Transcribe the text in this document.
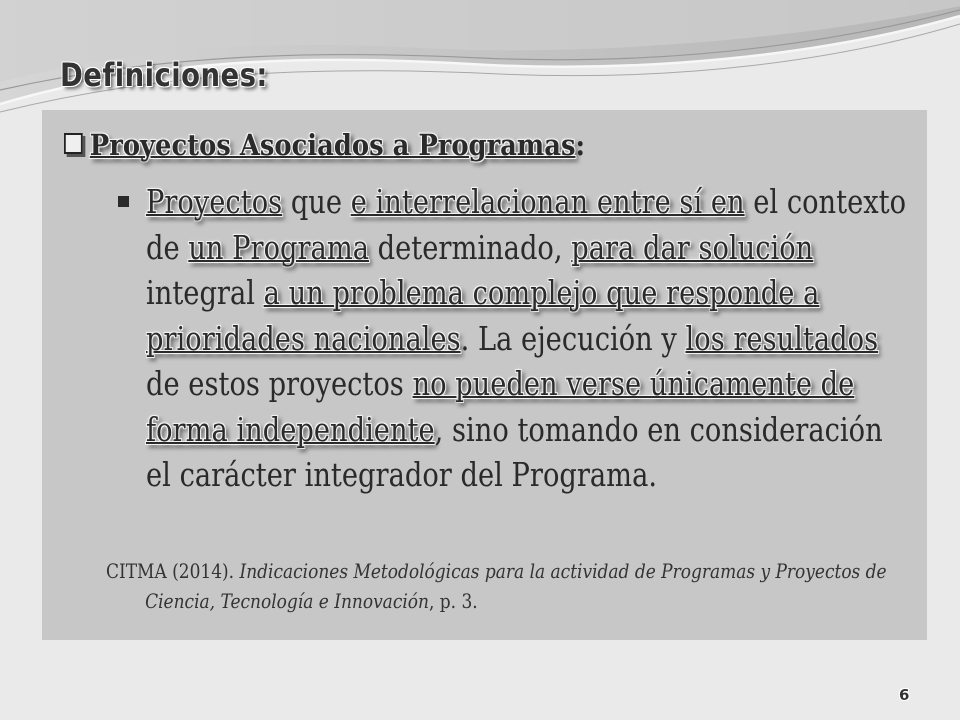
Definiciones:
Proyectos Asociados a Programas:

Proyectos que e interrelacionan entre sí en el contexto de un Programa determinado, para dar solución integral a un problema complejo que responde a prioridades nacionales. La ejecución y los resultados de estos proyectos no pueden verse únicamente de forma independiente, sino tomando en consideración el carácter integrador del Programa.

CITMA (2014). Indicaciones Metodológicas para la actividad de Programas y Proyectos de Ciencia, Tecnología e Innovación, p. 3.

6
